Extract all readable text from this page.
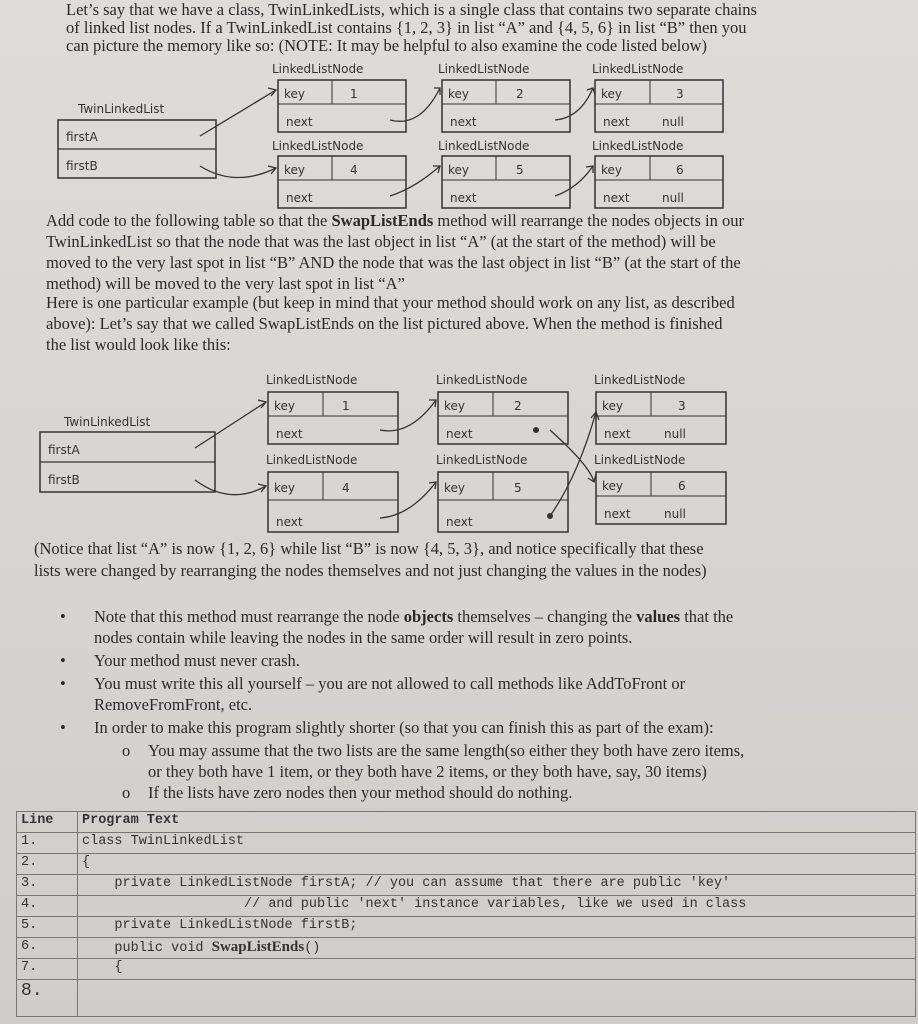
Let’s say that we have a class, TwinLinkedLists, which is a single class that contains two separate chains

of linked list nodes. If a TwinLinkedList contains {1, 2, 3} in list “A” and {4, 5, 6} in list “B” then you

can picture the memory like so: (NOTE: It may be helpful to also examine the code listed below)

TwinLinkedList
firstA
firstB
LinkedListNode	LinkedListNode	LinkedListNode
key	1
next
key	2
next
key	3
next	null
LinkedListNode	LinkedListNode	LinkedListNode
key	4
next
key	5
next
key	6
next	null

Add code to the following table so that the SwapListEnds method will rearrange the nodes objects in our

TwinLinkedList so that the node that was the last object in list “A” (at the start of the method) will be

moved to the very last spot in list “B” AND the node that was the last object in list “B” (at the start of the

method) will be moved to the very last spot in list “A”

Here is one particular example (but keep in mind that your method should work on any list, as described

above): Let’s say that we called SwapListEnds on the list pictured above. When the method is finished

the list would look like this:

TwinLinkedList
firstA
firstB
LinkedListNode	LinkedListNode	LinkedListNode
LinkedListNode	LinkedListNode	LinkedListNode
key	1
next
key	2
next
key	3
next	null
key	4
next
key	5
next
key	6
next	null

(Notice that list “A” is now {1, 2, 6} while list “B” is now {4, 5, 3}, and notice specifically that these

lists were changed by rearranging the nodes themselves and not just changing the values in the nodes)

•	Note that this method must rearrange the node objects themselves – changing the values that the
nodes contain while leaving the nodes in the same order will result in zero points.
•	Your method must never crash.
•	You must write this all yourself – you are not allowed to call methods like AddToFront or
RemoveFromFront, etc.
•	In order to make this program slightly shorter (so that you can finish this as part of the exam):
o	You may assume that the two lists are the same length(so either they both have zero items,
or they both have 1 item, or they both have 2 items, or they both have, say, 30 items)
o	If the lists have zero nodes then your method should do nothing.
Line	Program Text
1.	class TwinLinkedList
2.	{
3.	private LinkedListNode firstA; // you can assume that there are public 'key'
4.	// and public 'next' instance variables, like we used in class
5.	private LinkedListNode firstB;
6.	public void SwapListEnds()
7.	{
8.	
